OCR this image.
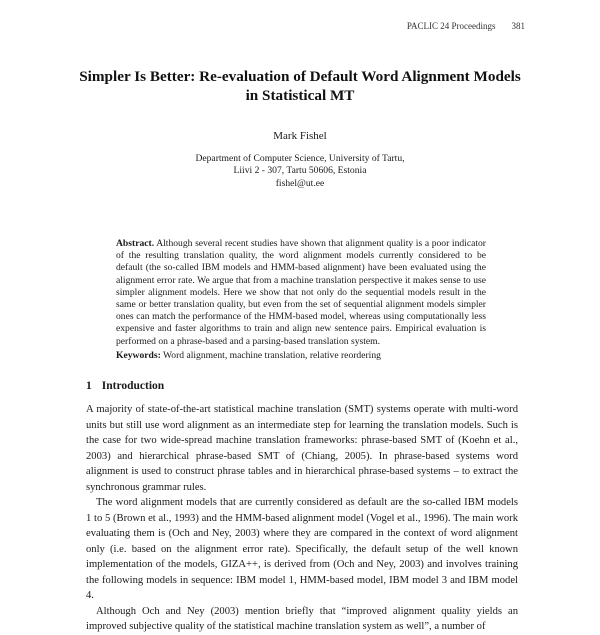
PACLIC 24 Proceedings 381
Simpler Is Better: Re-evaluation of Default Word Alignment Models
in Statistical MT
Mark Fishel
Department of Computer Science, University of Tartu,
Liivi 2 - 307, Tartu 50606, Estonia
fishel@ut.ee
Abstract. Although several recent studies have shown that alignment quality is a poor indicator of the resulting translation quality, the word alignment models currently considered to be default (the so-called IBM models and HMM-based alignment) have been evaluated using the alignment error rate. We argue that from a machine translation perspective it makes sense to use simpler alignment models. Here we show that not only do the sequential models result in the same or better translation quality, but even from the set of sequential alignment models simpler ones can match the performance of the HMM-based model, whereas using computationally less expensive and faster algorithms to train and align new sentence pairs. Empirical evaluation is performed on a phrase-based and a parsing-based translation system.
Keywords: Word alignment, machine translation, relative reordering
1 Introduction

A majority of state-of-the-art statistical machine translation (SMT) systems operate with multi-word units but still use word alignment as an intermediate step for learning the translation models. Such is the case for two wide-spread machine translation frameworks: phrase-based SMT of (Koehn et al., 2003) and hierarchical phrase-based SMT of (Chiang, 2005). In phrase-based systems word alignment is used to construct phrase tables and in hierarchical phrase-based systems – to extract the synchronous grammar rules.

The word alignment models that are currently considered as default are the so-called IBM models 1 to 5 (Brown et al., 1993) and the HMM-based alignment model (Vogel et al., 1996). The main work evaluating them is (Och and Ney, 2003) where they are compared in the context of word alignment only (i.e. based on the alignment error rate). Specifically, the default setup of the well known implementation of the models, GIZA++, is derived from (Och and Ney, 2003) and involves training the following models in sequence: IBM model 1, HMM-based model, IBM model 3 and IBM model 4.

Although Och and Ney (2003) mention briefly that “improved alignment quality yields an improved subjective quality of the statistical machine translation system as well”, a number of
